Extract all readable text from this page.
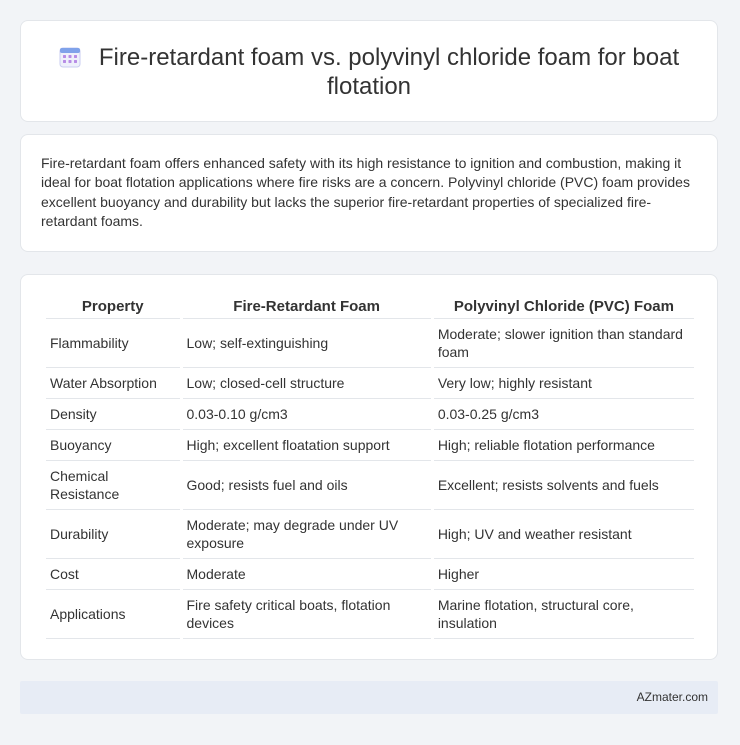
Fire-retardant foam vs. polyvinyl chloride foam for boat flotation

Fire-retardant foam offers enhanced safety with its high resistance to ignition and combustion, making it ideal for boat flotation applications where fire risks are a concern. Polyvinyl chloride (PVC) foam provides excellent buoyancy and durability but lacks the superior fire-retardant properties of specialized fire-retardant foams.

Property	Fire-Retardant Foam	Polyvinyl Chloride (PVC) Foam
Flammability	Low; self-extinguishing	Moderate; slower ignition than standard foam
Water Absorption	Low; closed-cell structure	Very low; highly resistant
Density	0.03-0.10 g/cm3	0.03-0.25 g/cm3
Buoyancy	High; excellent floatation support	High; reliable flotation performance
Chemical Resistance	Good; resists fuel and oils	Excellent; resists solvents and fuels
Durability	Moderate; may degrade under UV exposure	High; UV and weather resistant
Cost	Moderate	Higher
Applications	Fire safety critical boats, flotation devices	Marine flotation, structural core, insulation
AZmater.com
